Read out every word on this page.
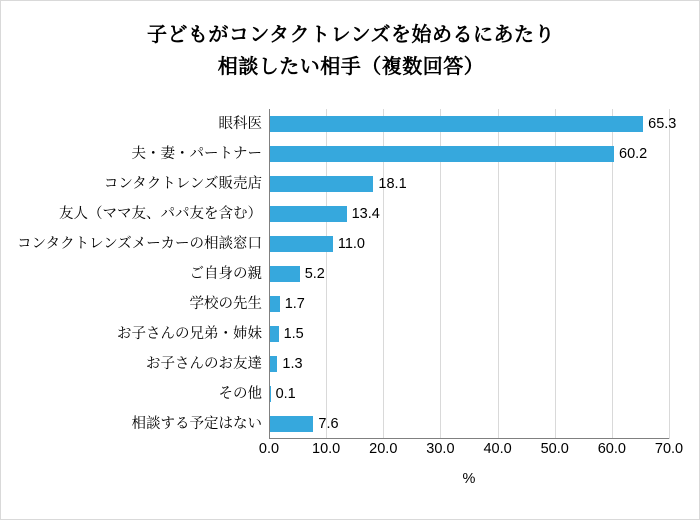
子どもがコンタクトレンズを始めるにあたり
相談したい相手（複数回答）
眼科医	65.3
夫・妻・パートナー	60.2
コンタクトレンズ販売店	18.1
友人（ママ友、パパ友を含む）	13.4
コンタクトレンズメーカーの相談窓口	11.0
ご自身の親	5.2
学校の先生	1.7
お子さんの兄弟・姉妹	1.5
お子さんのお友達	1.3
その他 0.1
相談する予定はない	7.6
0.0 10.0 20.0 30.0 40.0 50.0 60.0 70.0
%
